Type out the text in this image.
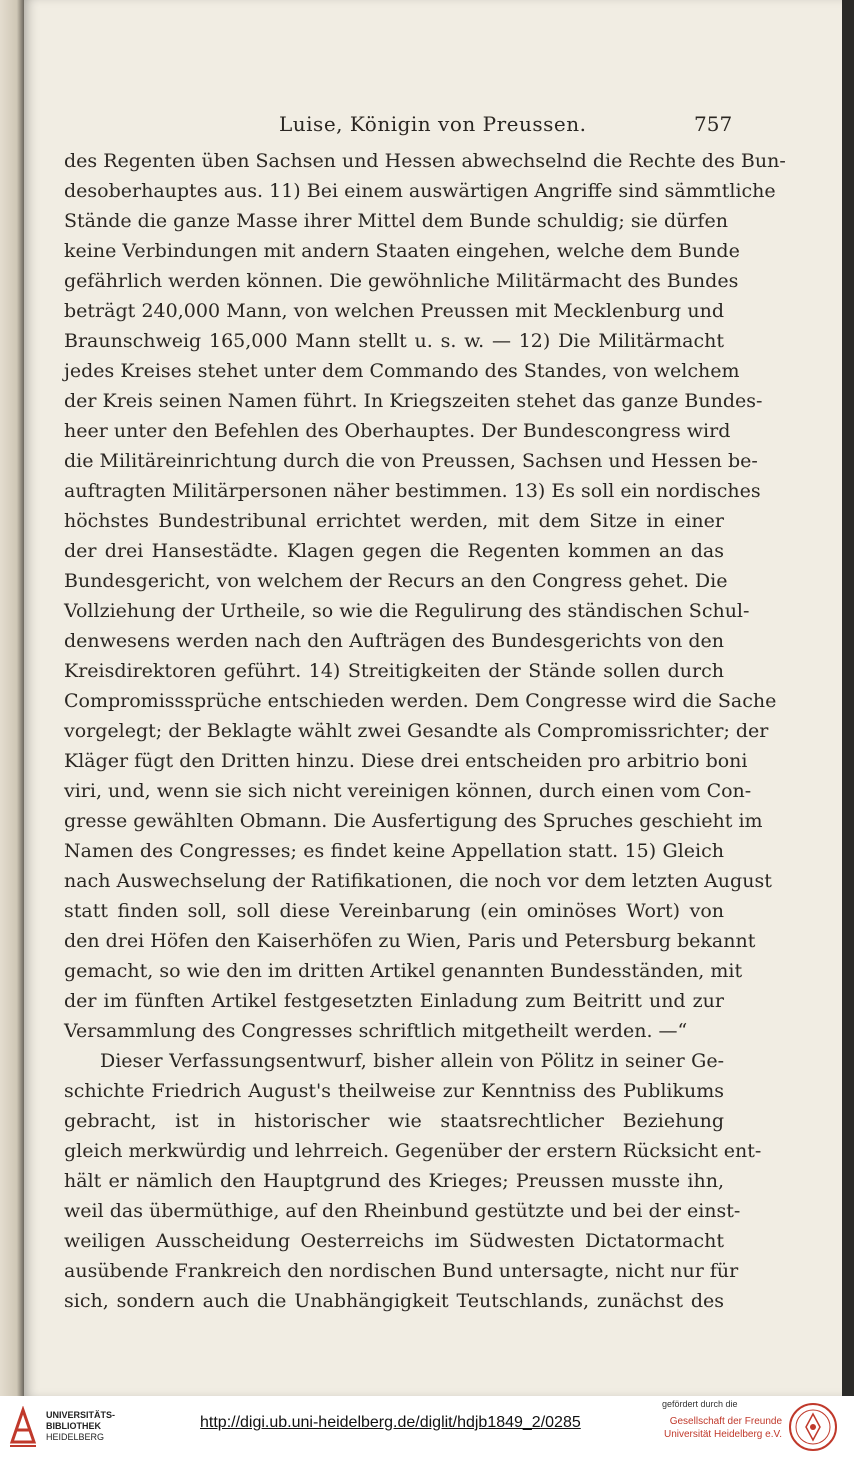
Luise, Königin von Preussen.	757
des Regenten üben Sachsen und Hessen abwechselnd die Rechte des Bun-
desoberhauptes aus. 11) Bei einem auswärtigen Angriffe sind sämmtliche
Stände die ganze Masse ihrer Mittel dem Bunde schuldig; sie dürfen
keine Verbindungen mit andern Staaten eingehen, welche dem Bunde
gefährlich werden können. Die gewöhnliche Militärmacht des Bundes
beträgt 240,000 Mann, von welchen Preussen mit Mecklenburg und
Braunschweig 165,000 Mann stellt u. s. w. — 12) Die Militärmacht
jedes Kreises stehet unter dem Commando des Standes, von welchem
der Kreis seinen Namen führt. In Kriegszeiten stehet das ganze Bundes-
heer unter den Befehlen des Oberhauptes. Der Bundescongress wird
die Militäreinrichtung durch die von Preussen, Sachsen und Hessen be-
auftragten Militärpersonen näher bestimmen. 13) Es soll ein nordisches
höchstes Bundestribunal errichtet werden, mit dem Sitze in einer
der drei Hansestädte. Klagen gegen die Regenten kommen an das
Bundesgericht, von welchem der Recurs an den Congress gehet. Die
Vollziehung der Urtheile, so wie die Regulirung des ständischen Schul-
denwesens werden nach den Aufträgen des Bundesgerichts von den
Kreisdirektoren geführt. 14) Streitigkeiten der Stände sollen durch
Compromisssprüche entschieden werden. Dem Congresse wird die Sache
vorgelegt; der Beklagte wählt zwei Gesandte als Compromissrichter; der
Kläger fügt den Dritten hinzu. Diese drei entscheiden pro arbitrio boni
viri, und, wenn sie sich nicht vereinigen können, durch einen vom Con-
gresse gewählten Obmann. Die Ausfertigung des Spruches geschieht im
Namen des Congresses; es findet keine Appellation statt. 15) Gleich
nach Auswechselung der Ratifikationen, die noch vor dem letzten August
statt finden soll, soll diese Vereinbarung (ein ominöses Wort) von
den drei Höfen den Kaiserhöfen zu Wien, Paris und Petersburg bekannt
gemacht, so wie den im dritten Artikel genannten Bundesständen, mit
der im fünften Artikel festgesetzten Einladung zum Beitritt und zur
Versammlung des Congresses schriftlich mitgetheilt werden. —“
Dieser Verfassungsentwurf, bisher allein von Pölitz in seiner Ge-
schichte Friedrich August's theilweise zur Kenntniss des Publikums
gebracht, ist in historischer wie staatsrechtlicher Beziehung
gleich merkwürdig und lehrreich. Gegenüber der erstern Rücksicht ent-
hält er nämlich den Hauptgrund des Krieges; Preussen musste ihn,
weil das übermüthige, auf den Rheinbund gestützte und bei der einst-
weiligen Ausscheidung Oesterreichs im Südwesten Dictatormacht
ausübende Frankreich den nordischen Bund untersagte, nicht nur für
sich, sondern auch die Unabhängigkeit Teutschlands, zunächst des
UNIVERSITÄTS-
BIBLIOTHEK
HEIDELBERG
http://digi.ub.uni-heidelberg.de/diglit/hdjb1849_2/0285
gefördert durch die
Gesellschaft der Freunde
Universität Heidelberg e.V.
